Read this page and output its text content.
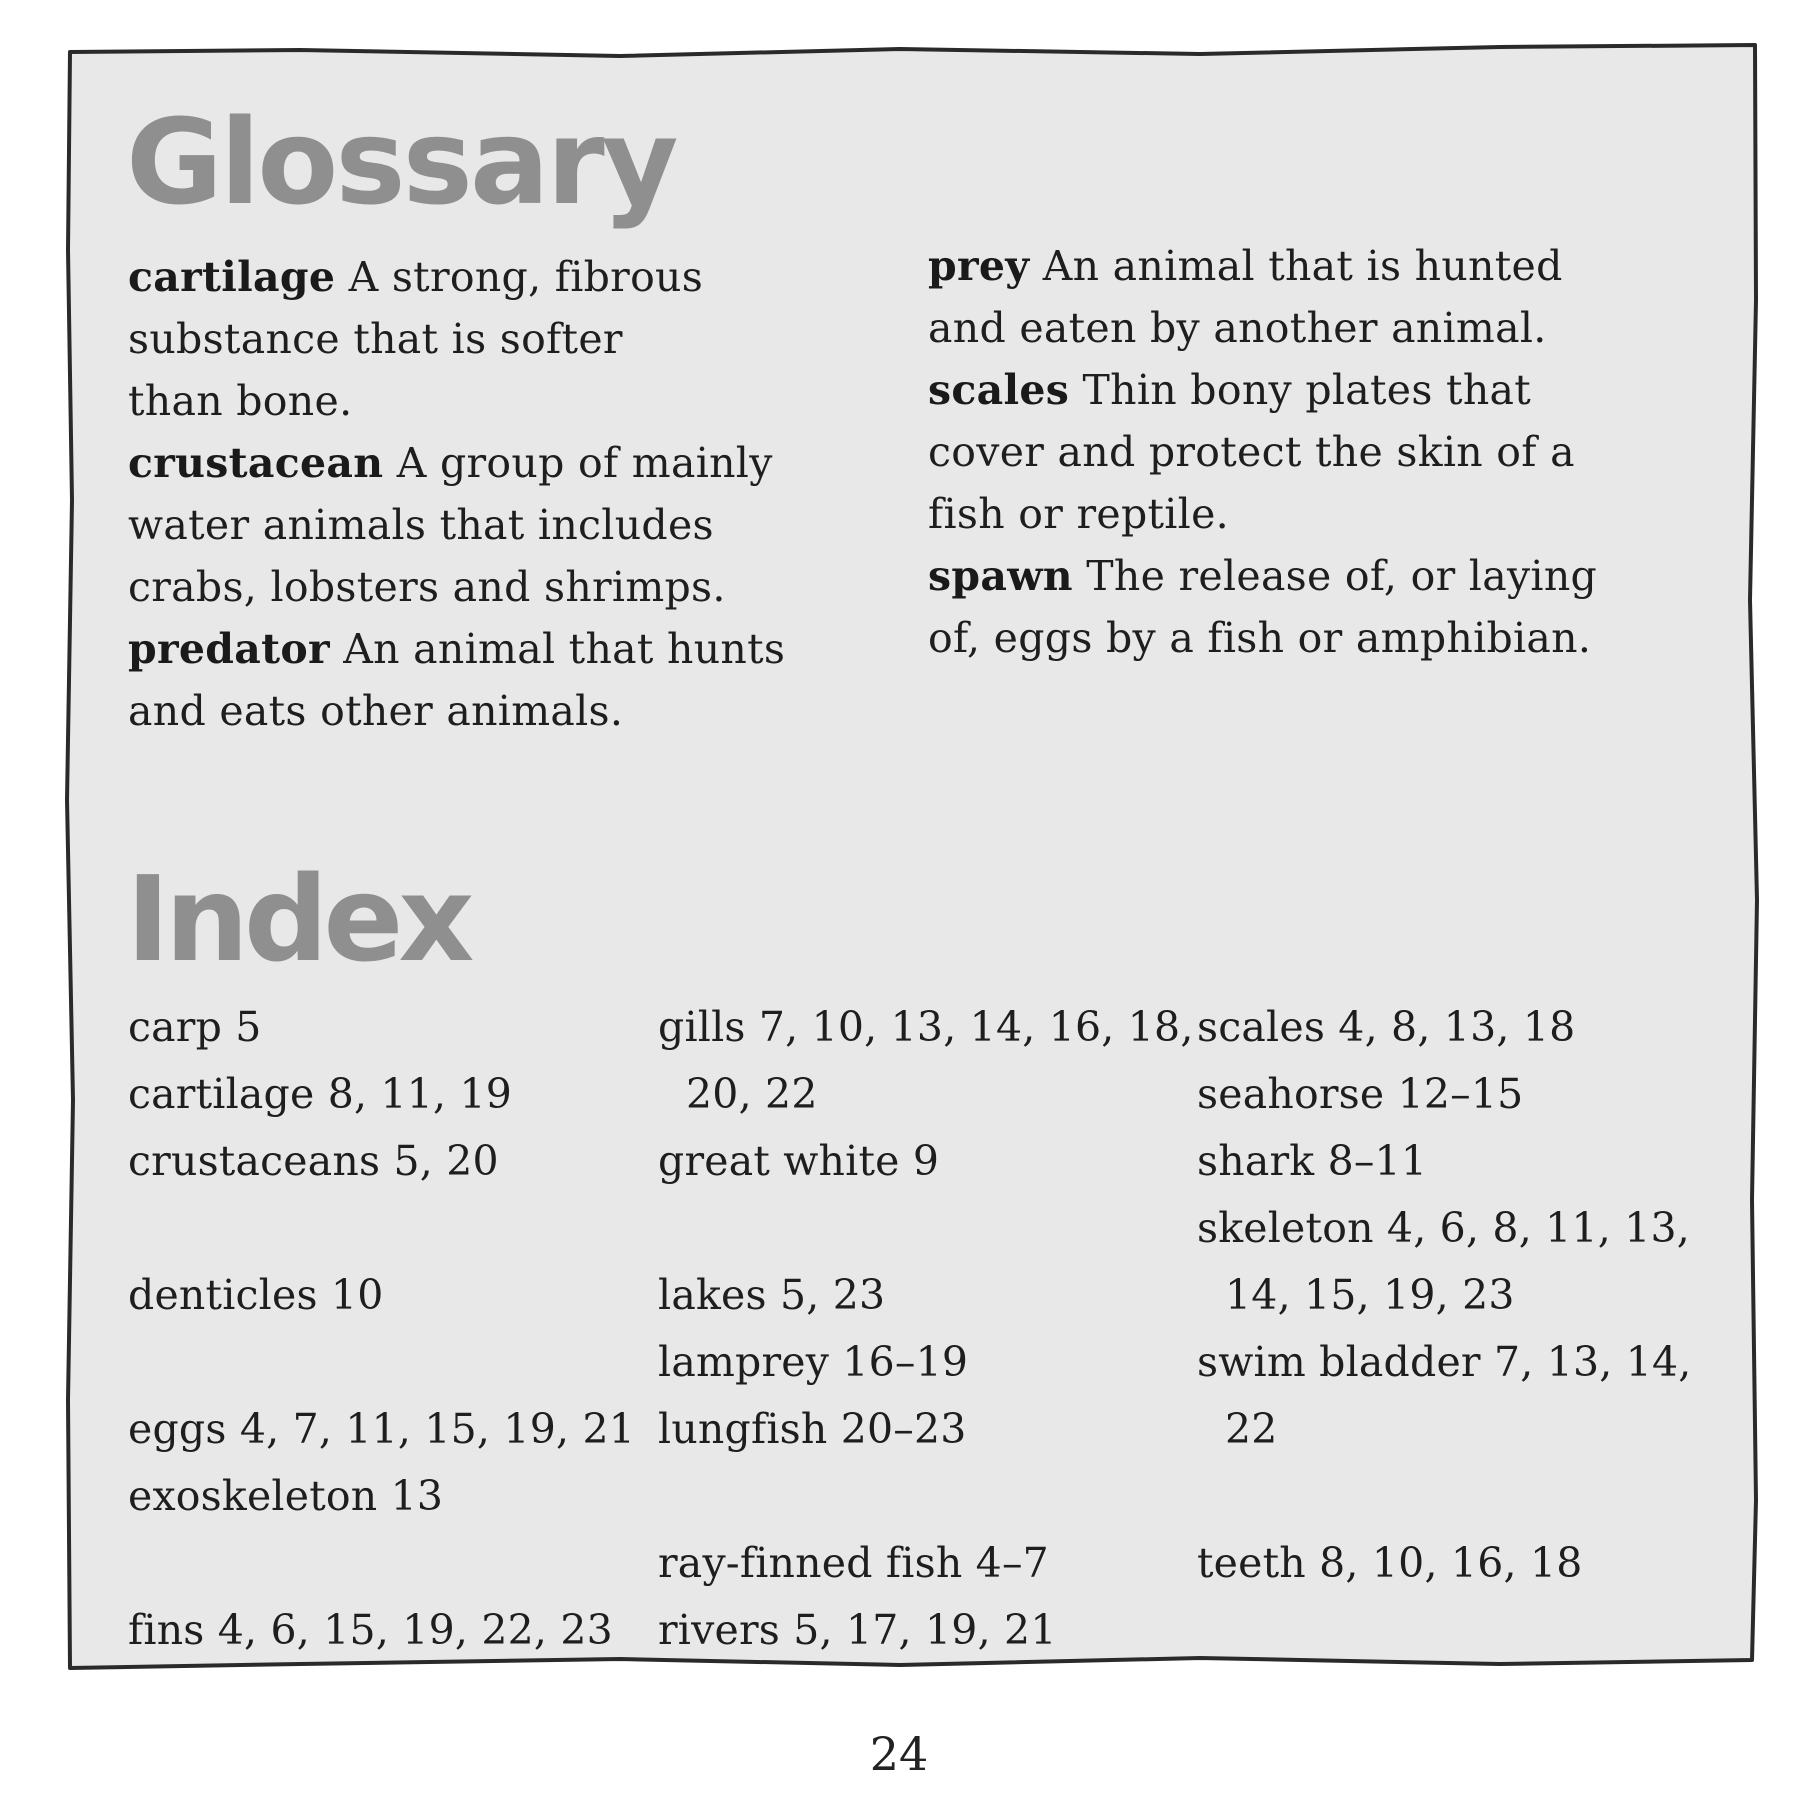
Glossary
cartilage A strong, fibrous
substance that is softer
than bone.
crustacean A group of mainly
water animals that includes
crabs, lobsters and shrimps.
predator An animal that hunts
and eats other animals.
prey An animal that is hunted
and eaten by another animal.
scales Thin bony plates that
cover and protect the skin of a
fish or reptile.
spawn The release of, or laying
of, eggs by a fish or amphibian.
Index
carp 5
cartilage 8, 11, 19
crustaceans 5, 20
denticles 10
eggs 4, 7, 11, 15, 19, 21
exoskeleton 13
fins 4, 6, 15, 19, 22, 23
gills 7, 10, 13, 14, 16, 18,
20, 22
great white 9
lakes 5, 23
lamprey 16–19
lungfish 20–23
ray-finned fish 4–7
rivers 5, 17, 19, 21
scales 4, 8, 13, 18
seahorse 12–15
shark 8–11
skeleton 4, 6, 8, 11, 13,
14, 15, 19, 23
swim bladder 7, 13, 14,
22
teeth 8, 10, 16, 18
24
